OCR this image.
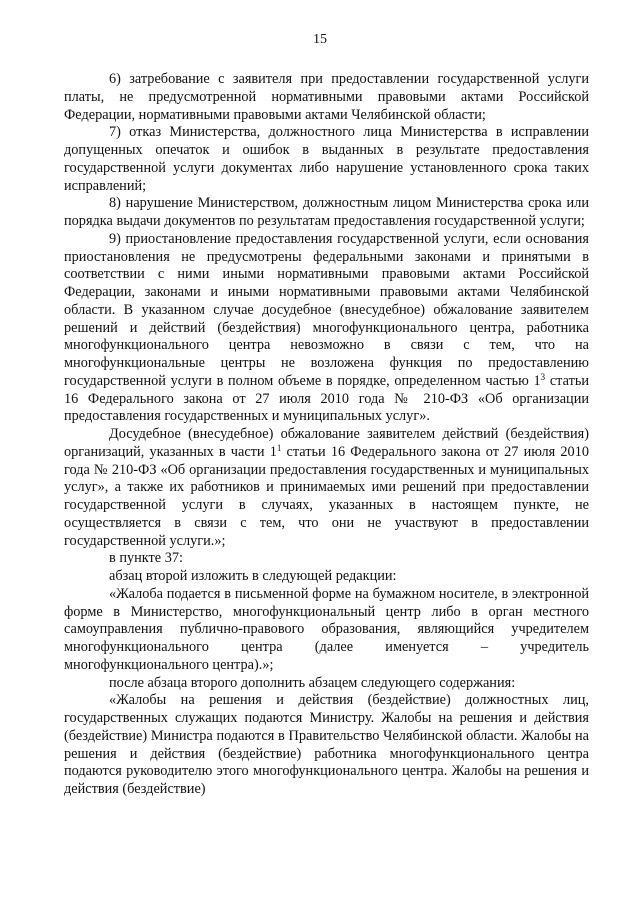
15

6) затребование с заявителя при предоставлении государственной услуги платы, не предусмотренной нормативными правовыми актами Российской Федерации, нормативными правовыми актами Челябинской области;

7) отказ Министерства, должностного лица Министерства в исправлении допущенных опечаток и ошибок в выданных в результате предоставления государственной услуги документах либо нарушение установленного срока таких исправлений;

8) нарушение Министерством, должностным лицом Министерства срока или порядка выдачи документов по результатам предоставления государственной услуги;

9) приостановление предоставления государственной услуги, если основания приостановления не предусмотрены федеральными законами и принятыми в соответствии с ними иными нормативными правовыми актами Российской Федерации, законами и иными нормативными правовыми актами Челябинской области. В указанном случае досудебное (внесудебное) обжалование заявителем решений и действий (бездействия) многофункционального центра, работника многофункционального центра невозможно в связи с тем, что на многофункциональные центры не возложена функция по предоставлению государственной услуги в полном объеме в порядке, определенном частью $1^3$ статьи 16 Федерального закона от 27 июля 2010 года № 210-ФЗ «Об организации предоставления государственных и муниципальных услуг».

Досудебное (внесудебное) обжалование заявителем действий (бездействия) организаций, указанных в части $1^1$ статьи 16 Федерального закона от 27 июля 2010 года № 210-ФЗ «Об организации предоставления государственных и муниципальных услуг», а также их работников и принимаемых ими решений при предоставлении государственной услуги в случаях, указанных в настоящем пункте, не осуществляется в связи с тем, что они не участвуют в предоставлении государственной услуги.»;

в пункте 37:

абзац второй изложить в следующей редакции:

«Жалоба подается в письменной форме на бумажном носителе, в электронной форме в Министерство, многофункциональный центр либо в орган местного самоуправления публично-правового образования, являющийся учредителем многофункционального центра (далее именуется – учредитель многофункционального центра).»;

после абзаца второго дополнить абзацем следующего содержания:

«Жалобы на решения и действия (бездействие) должностных лиц, государственных служащих подаются Министру. Жалобы на решения и действия (бездействие) Министра подаются в Правительство Челябинской области. Жалобы на решения и действия (бездействие) работника многофункционального центра подаются руководителю этого многофункционального центра. Жалобы на решения и действия (бездействие)
